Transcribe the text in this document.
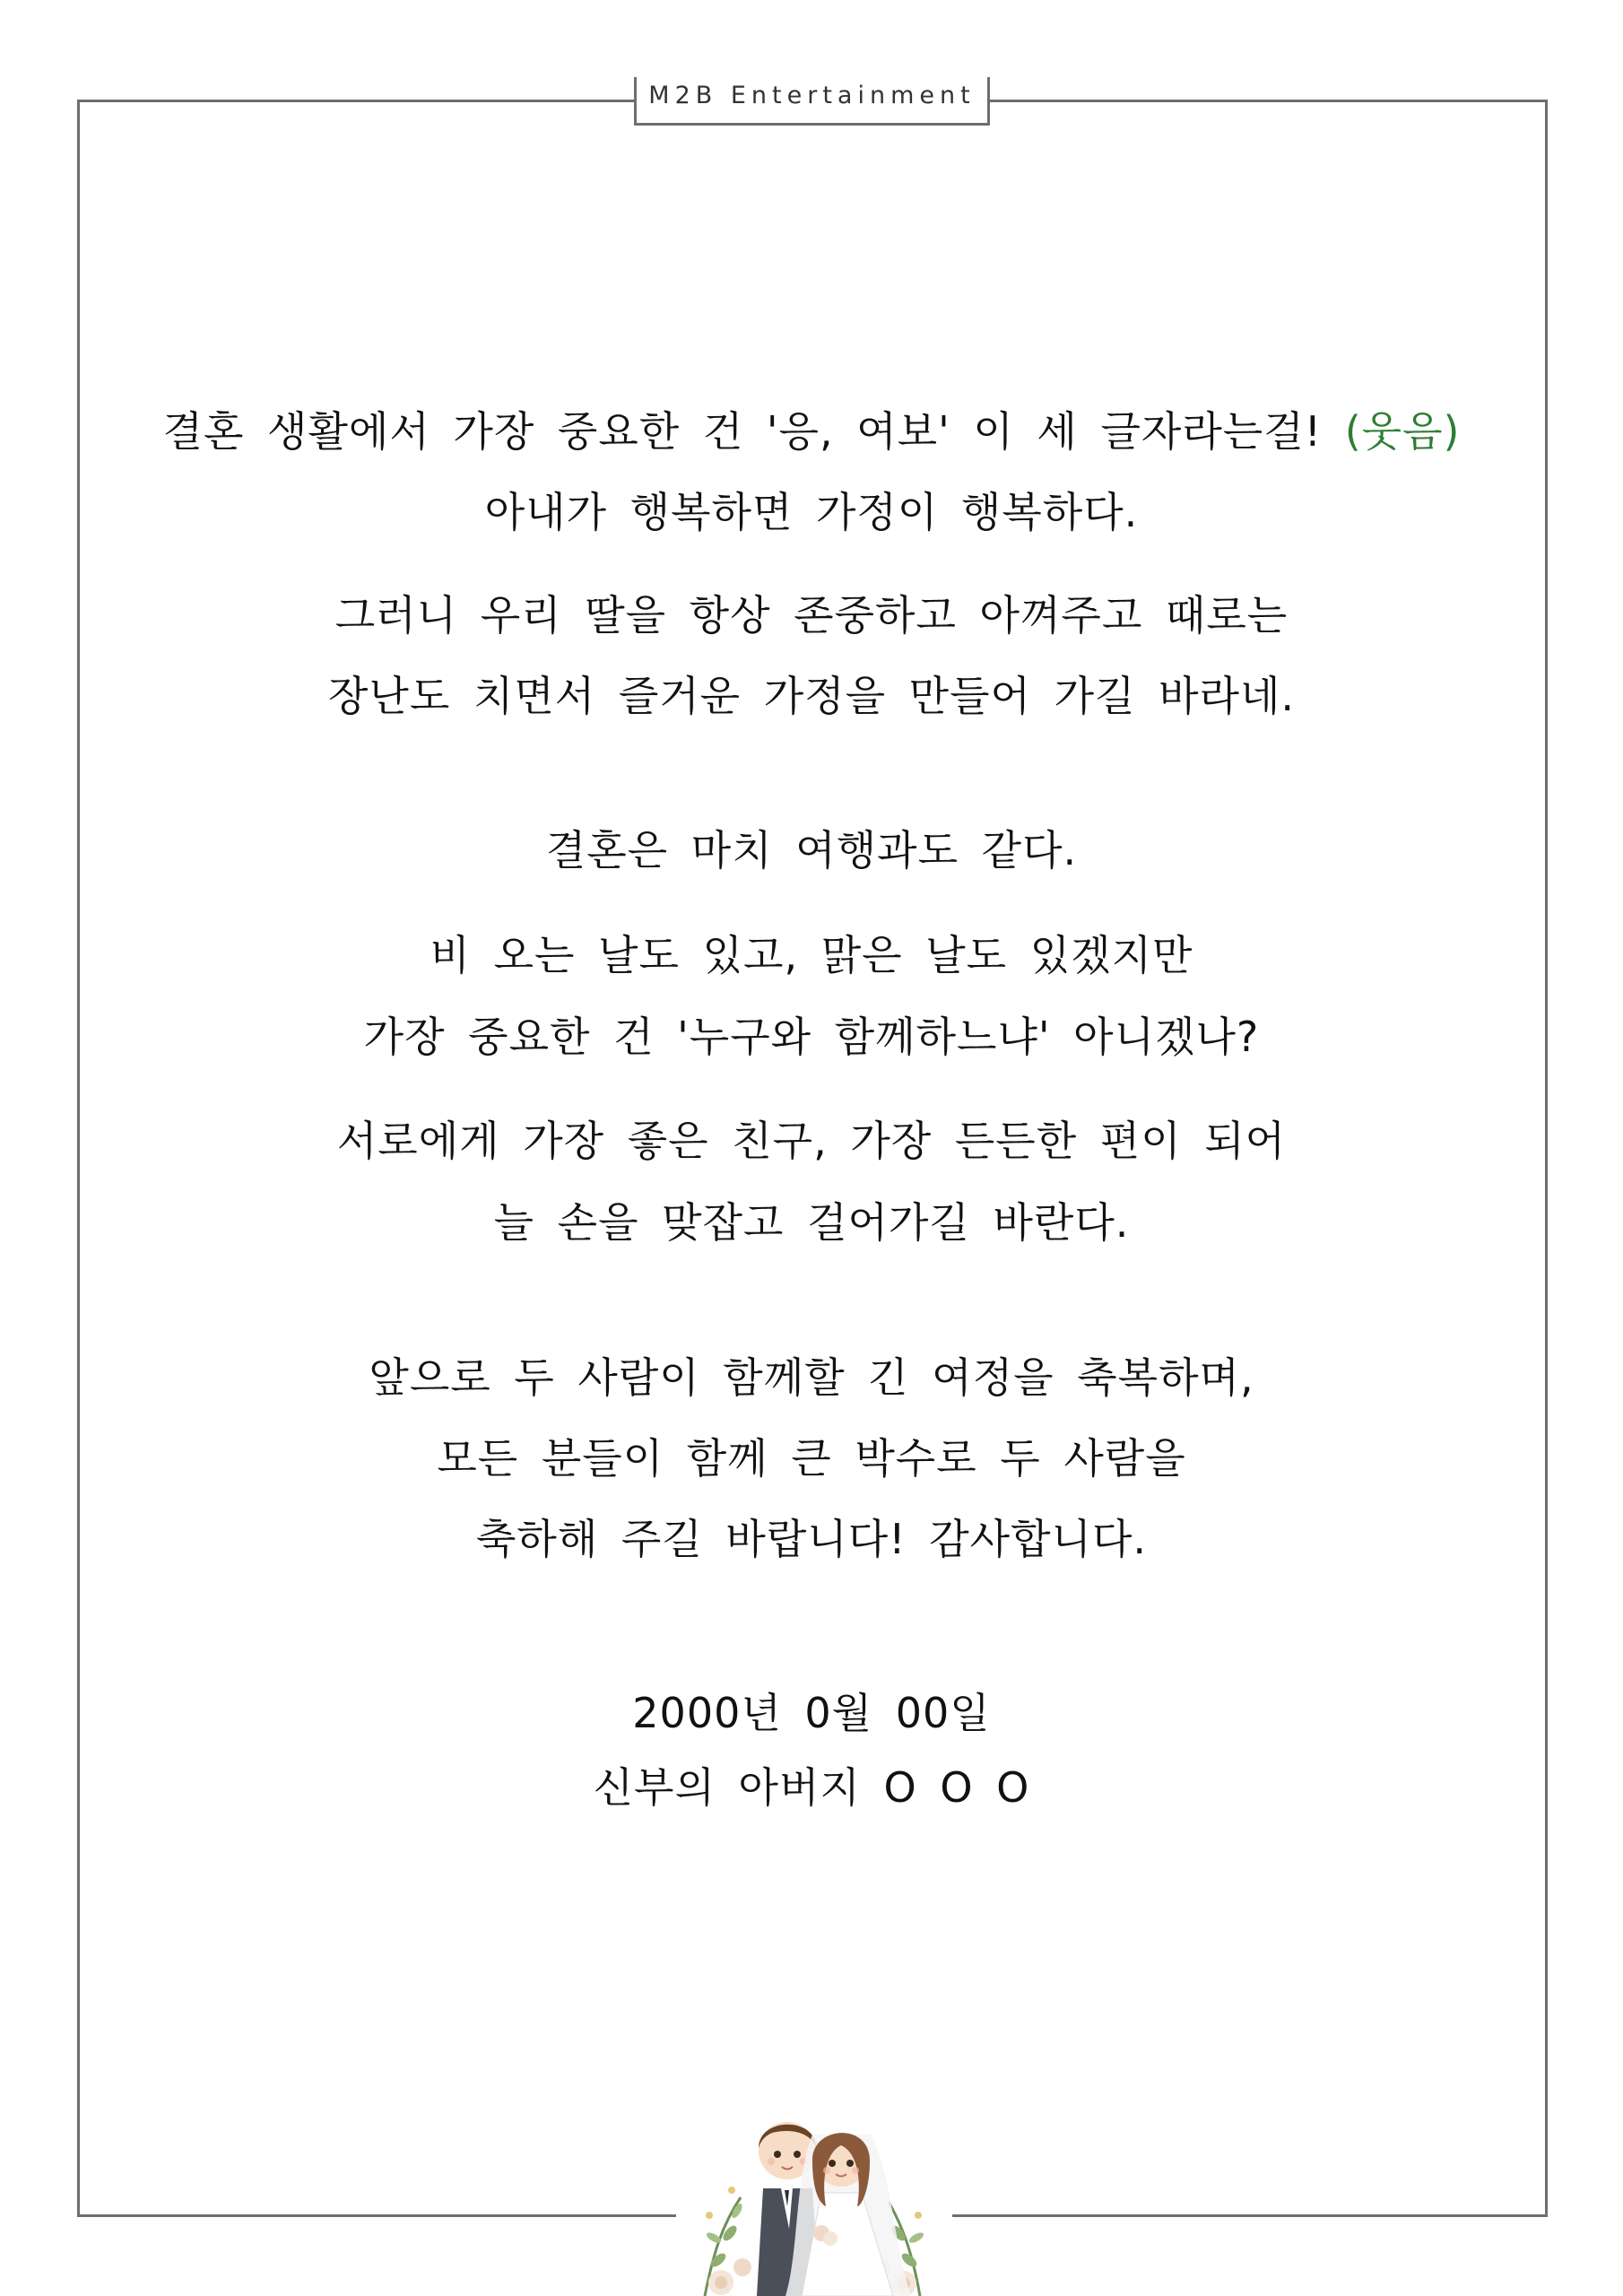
M2B Entertainment
결혼 생활에서 가장 중요한 건 '응, 여보' 이 세 글자라는걸! (웃음)
아내가 행복하면 가정이 행복하다.
그러니 우리 딸을 항상 존중하고 아껴주고 때로는
장난도 치면서 즐거운 가정을 만들어 가길 바라네.
결혼은 마치 여행과도 같다.
비 오는 날도 있고, 맑은 날도 있겠지만
가장 중요한 건 '누구와 함께하느냐' 아니겠나?
서로에게 가장 좋은 친구, 가장 든든한 편이 되어
늘 손을 맞잡고 걸어가길 바란다.
앞으로 두 사람이 함께할 긴 여정을 축복하며,
모든 분들이 함께 큰 박수로 두 사람을
축하해 주길 바랍니다! 감사합니다.
2000년 0월 00일
신부의 아버지 O O O
